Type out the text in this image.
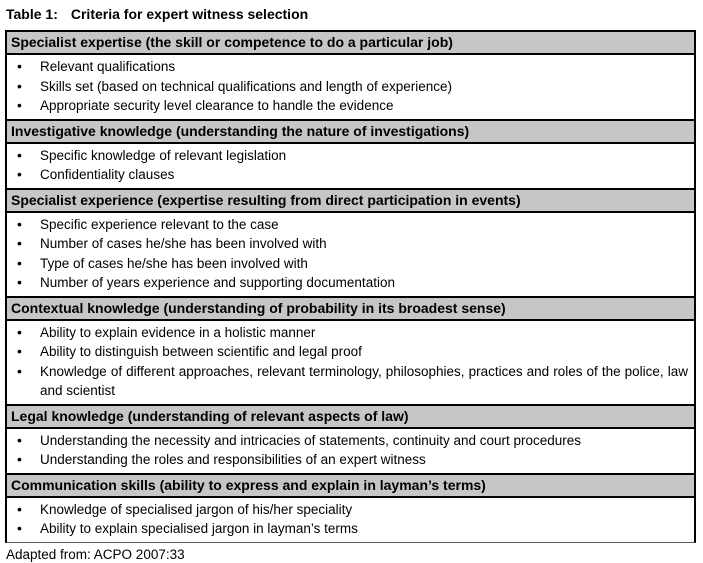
Table 1: Criteria for expert witness selection
Specialist expertise (the skill or competence to do a particular job)
• Relevant qualifications
• Skills set (based on technical qualifications and length of experience)
• Appropriate security level clearance to handle the evidence
Investigative knowledge (understanding the nature of investigations)
• Specific knowledge of relevant legislation
• Confidentiality clauses
Specialist experience (expertise resulting from direct participation in events)
• Specific experience relevant to the case
• Number of cases he/she has been involved with
• Type of cases he/she has been involved with
• Number of years experience and supporting documentation
Contextual knowledge (understanding of probability in its broadest sense)
• Ability to explain evidence in a holistic manner
• Ability to distinguish between scientific and legal proof
• Knowledge of different approaches, relevant terminology, philosophies, practices and roles of the police, law and scientist
Legal knowledge (understanding of relevant aspects of law)
• Understanding the necessity and intricacies of statements, continuity and court procedures
• Understanding the roles and responsibilities of an expert witness
Communication skills (ability to express and explain in layman’s terms)
• Knowledge of specialised jargon of his/her speciality
• Ability to explain specialised jargon in layman’s terms
Adapted from: ACPO 2007:33
